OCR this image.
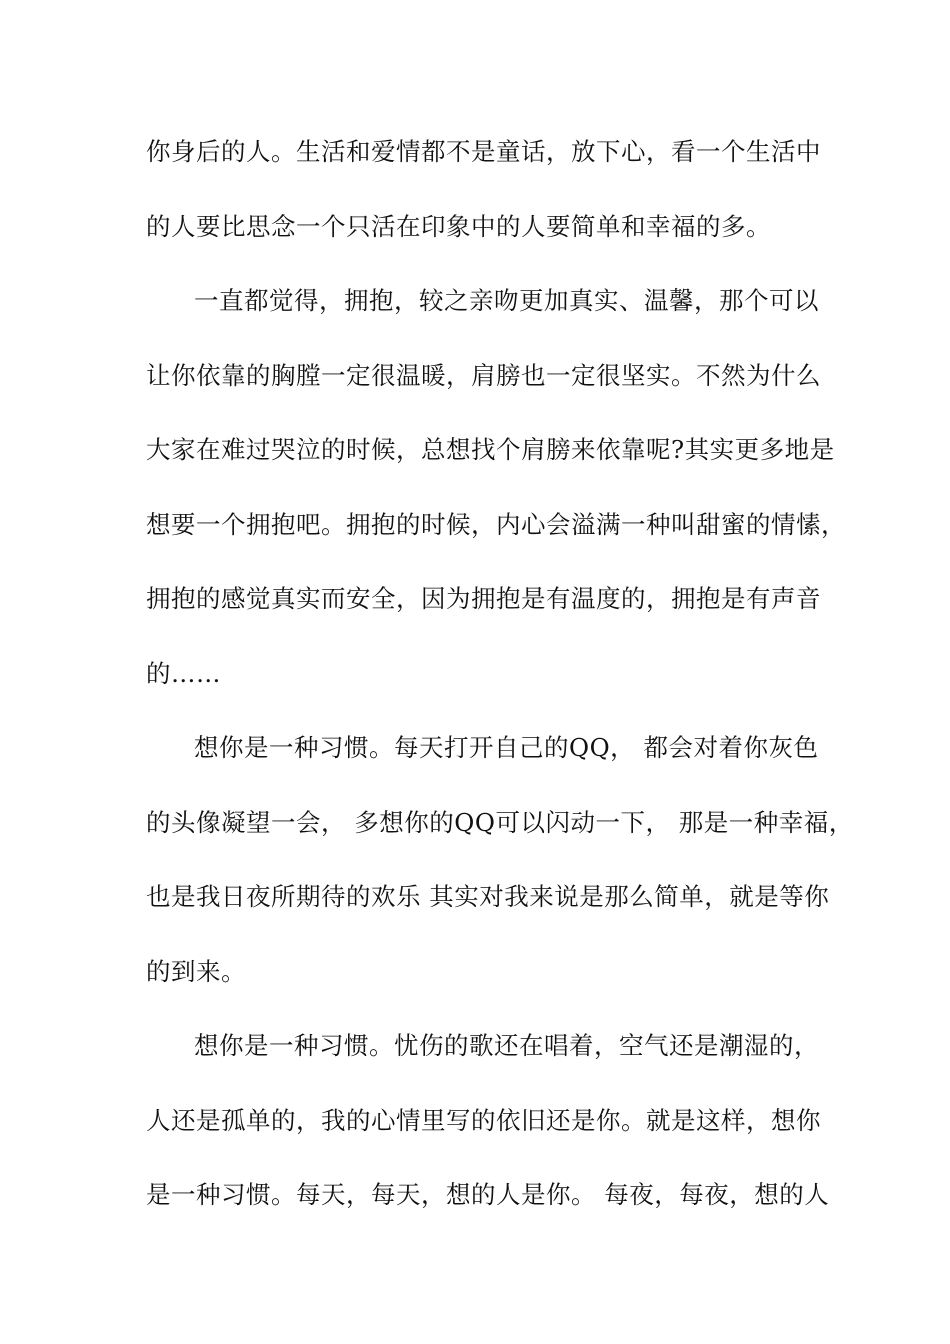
你身后的人。生活和爱情都不是童话，放下心，看一个生活中
的人要比思念一个只活在印象中的人要简单和幸福的多。
一直都觉得，拥抱，较之亲吻更加真实、温馨，那个可以
让你依靠的胸膛一定很温暖，肩膀也一定很坚实。不然为什么
大家在难过哭泣的时候，总想找个肩膀来依靠呢?其实更多地是
想要一个拥抱吧。拥抱的时候，内心会溢满一种叫甜蜜的情愫，
拥抱的感觉真实而安全，因为拥抱是有温度的，拥抱是有声音
的……
想你是一种习惯。每天打开自己的QQ， 都会对着你灰色
的头像凝望一会， 多想你的QQ可以闪动一下， 那是一种幸福，
也是我日夜所期待的欢乐 其实对我来说是那么简单，就是等你
的到来。
想你是一种习惯。忧伤的歌还在唱着，空气还是潮湿的，
人还是孤单的，我的心情里写的依旧还是你。就是这样，想你
是一种习惯。每天，每天，想的人是你。 每夜，每夜，想的人
